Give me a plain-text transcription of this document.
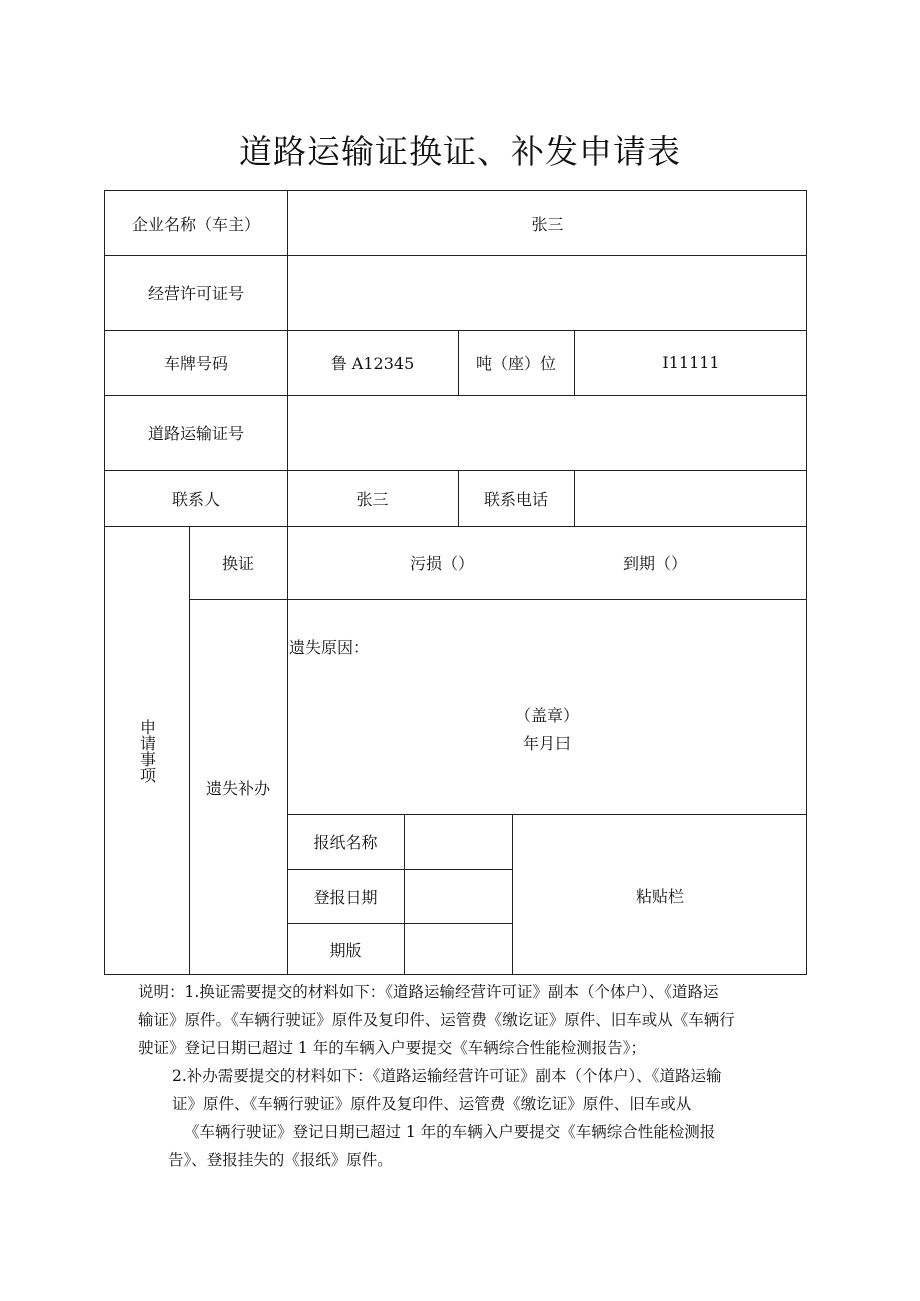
道路运输证换证、补发申请表
企业名称（车主）	张三
经营许可证号
车牌号码	鲁 A12345	吨（座）位	I11111
道路运输证号
联系人	张三	联系电话
申请事项
换证	污损（）	到期（）
遗失补办
遗失原因：
（盖章）
年月曰
报纸名称
登报日期
期版
粘贴栏

说明：1.换证需要提交的材料如下：《道路运输经营许可证》副本（个体户）、《道路运

输证》原件。《车辆行驶证》原件及复印件、运管费《缴讫证》原件、旧车或从《车辆行

驶证》登记日期已超过 1 年的车辆入户要提交《车辆综合性能检测报告》；

2.补办需要提交的材料如下：《道路运输经营许可证》副本（个体户）、《道路运输

证》原件、《车辆行驶证》原件及复印件、运管费《缴讫证》原件、旧车或从

《车辆行驶证》登记日期已超过 1 年的车辆入户要提交《车辆综合性能检测报

告》、登报挂失的《报纸》原件。
